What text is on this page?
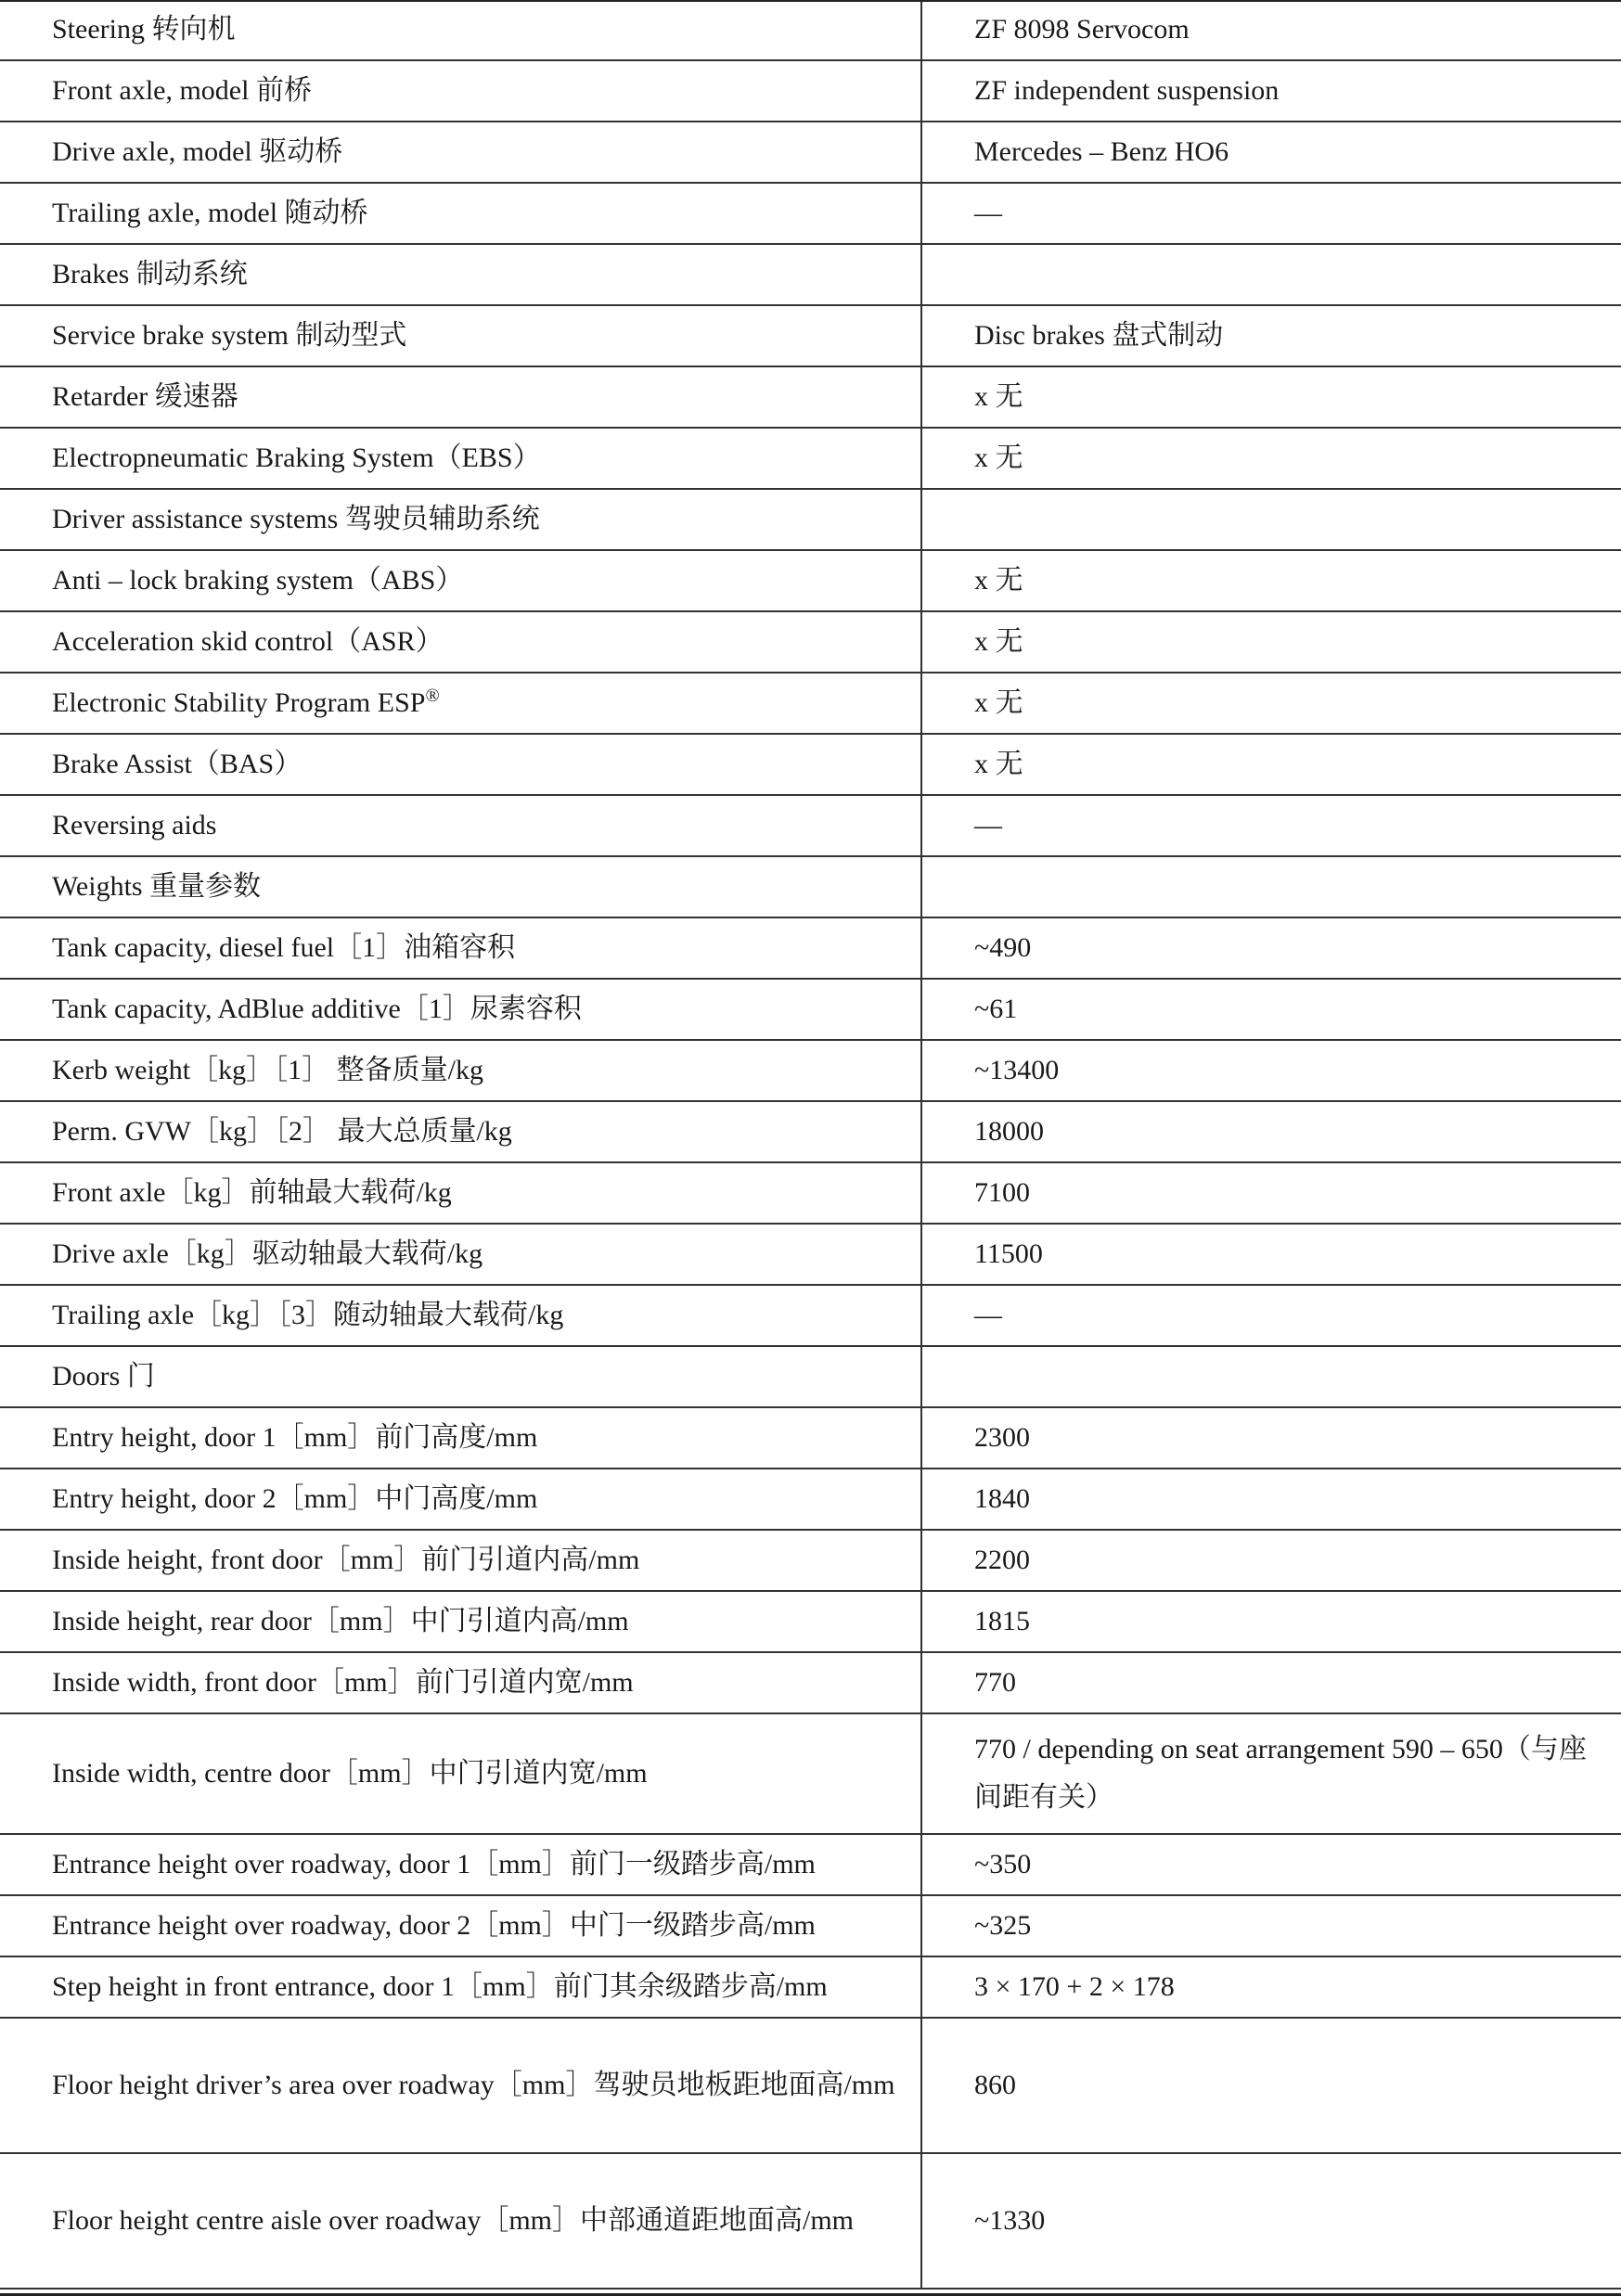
Steering 转向机	ZF 8098 Servocom
Front axle, model 前桥	ZF independent suspension
Drive axle, model 驱动桥	Mercedes – Benz HO6
Trailing axle, model 随动桥	—
Brakes 制动系统	
Service brake system 制动型式	Disc brakes 盘式制动
Retarder 缓速器	x 无
Electropneumatic Braking System（EBS）	x 无
Driver assistance systems 驾驶员辅助系统	
Anti – lock braking system（ABS）	x 无
Acceleration skid control（ASR）	x 无
Electronic Stability Program ESP®	x 无
Brake Assist（BAS）	x 无
Reversing aids	—
Weights 重量参数	
Tank capacity, diesel fuel［1］油箱容积	~490
Tank capacity, AdBlue additive［1］尿素容积	~61
Kerb weight［kg］［1］ 整备质量/kg	~13400
Perm. GVW［kg］［2］ 最大总质量/kg	18000
Front axle［kg］前轴最大载荷/kg	7100
Drive axle［kg］驱动轴最大载荷/kg	11500
Trailing axle［kg］［3］随动轴最大载荷/kg	—
Doors 门	
Entry height, door 1［mm］前门高度/mm	2300
Entry height, door 2［mm］中门高度/mm	1840
Inside height, front door［mm］前门引道内高/mm	2200
Inside height, rear door［mm］中门引道内高/mm	1815
Inside width, front door［mm］前门引道内宽/mm	770
Inside width, centre door［mm］中门引道内宽/mm	770 / depending on seat arrangement 590 – 650（与座间距有关）
Entrance height over roadway, door 1［mm］前门一级踏步高/mm	~350
Entrance height over roadway, door 2［mm］中门一级踏步高/mm	~325
Step height in front entrance, door 1［mm］前门其余级踏步高/mm	3 × 170 + 2 × 178
Floor height driver’s area over roadway［mm］驾驶员地板距地面高/mm	860
Floor height centre aisle over roadway［mm］中部通道距地面高/mm	~1330
